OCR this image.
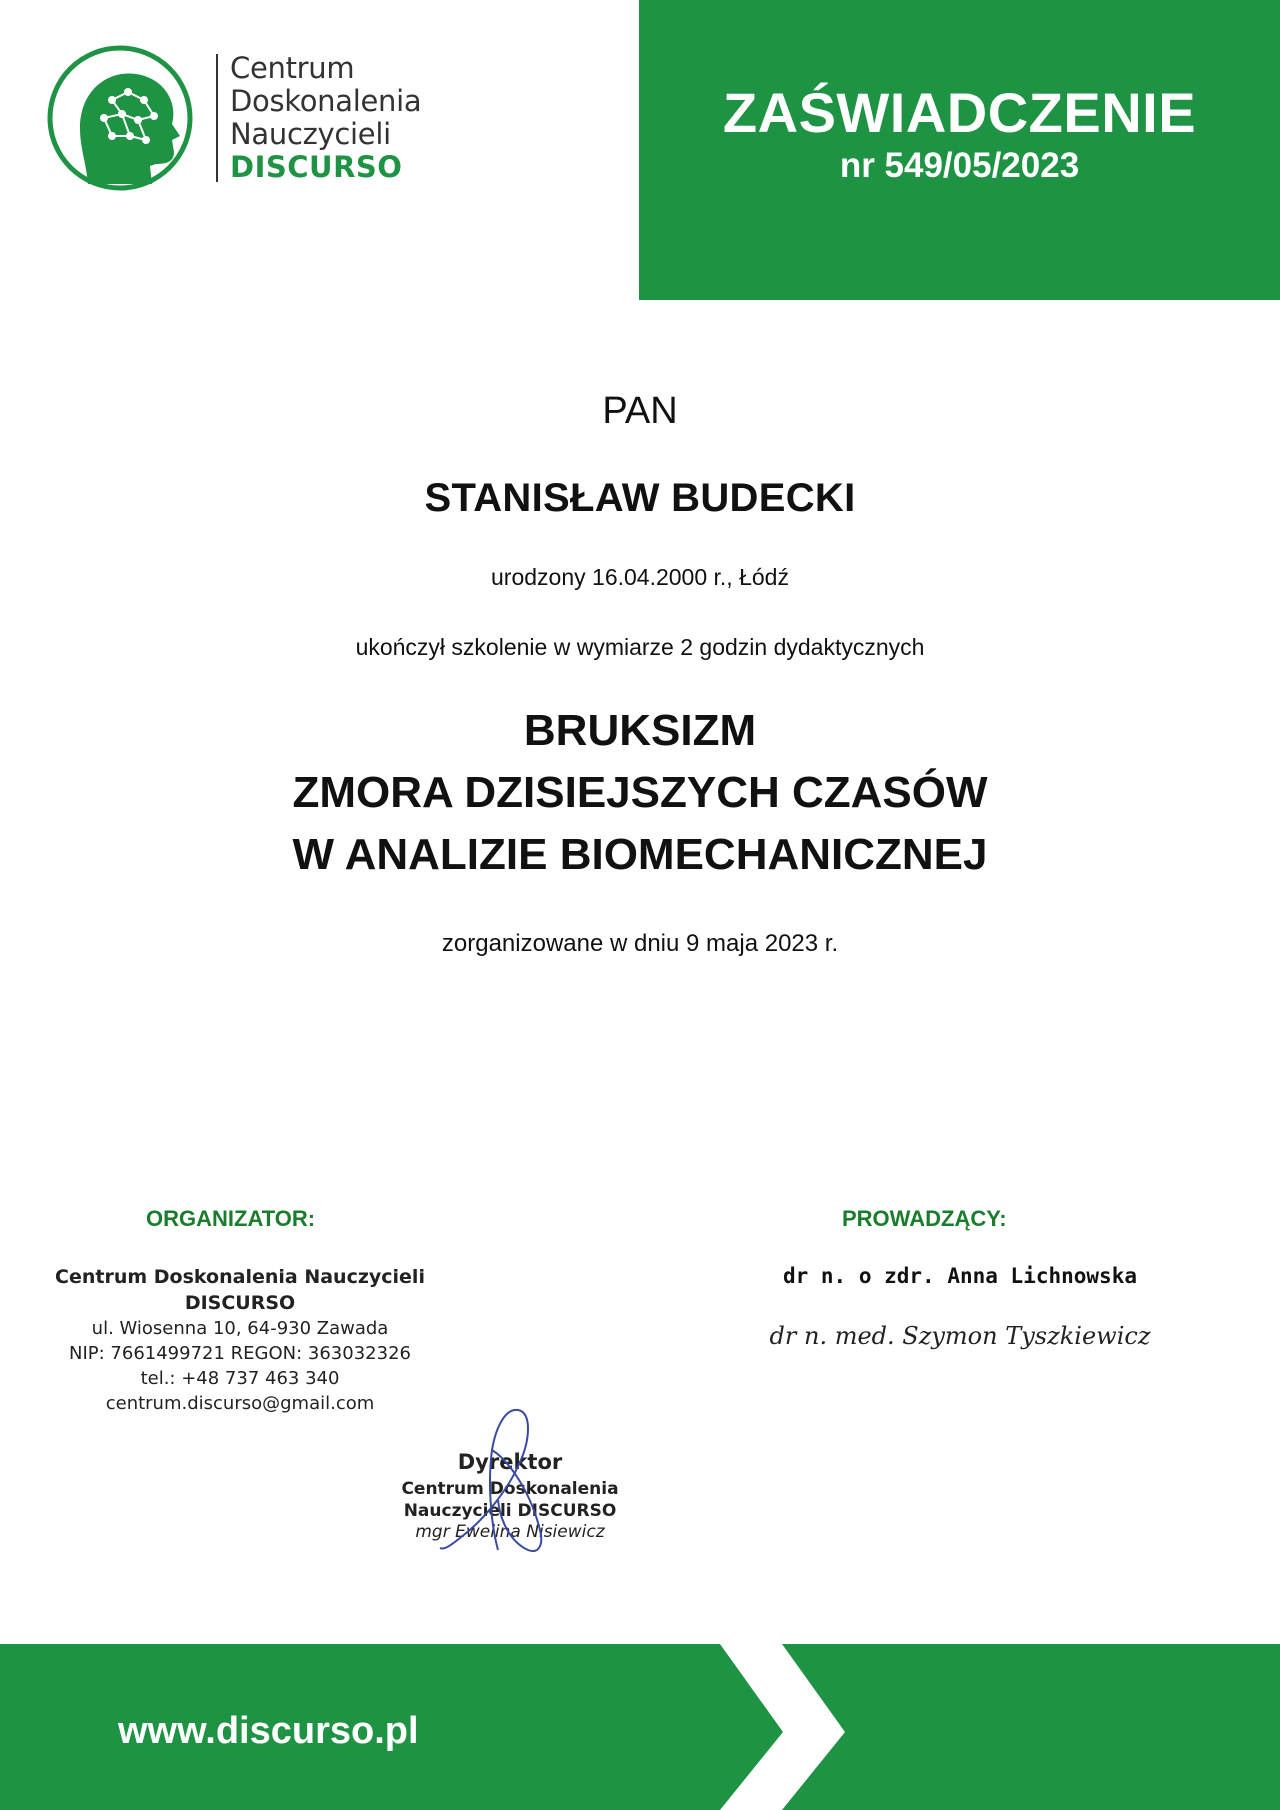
Centrum
Doskonalenia
Nauczycieli
DISCURSO
ZAŚWIADCZENIE
nr 549/05/2023
PAN
STANISŁAW BUDECKI
urodzony 16.04.2000 r., Łódź
ukończył szkolenie w wymiarze 2 godzin dydaktycznych
BRUKSIZM
ZMORA DZISIEJSZYCH CZASÓW
W ANALIZIE BIOMECHANICZNEJ
zorganizowane w dniu 9 maja 2023 r.
ORGANIZATOR:
Centrum Doskonalenia Nauczycieli
DISCURSO
ul. Wiosenna 10, 64-930 Zawada
NIP: 7661499721 REGON: 363032326
tel.: +48 737 463 340
centrum.discurso@gmail.com
Dyrektor
Centrum Doskonalenia
Nauczycieli DISCURSO
mgr Ewelina Nisiewicz
PROWADZĄCY:
dr n. o zdr. Anna Lichnowska
dr n. med. Szymon Tyszkiewicz
www.discurso.pl
